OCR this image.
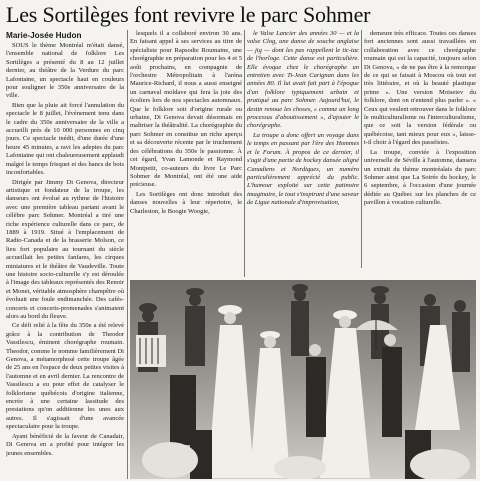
Les Sortilèges font revivre le parc Sohmer
Marie-Josée Hudon

SOUS le thème Montréal m'était dansé, l'ensemble national de folklore Les Sortilèges a présenté du 8 au 12 juillet dernier, au théâtre de la Verdure du parc Lafontaine, un spectacle haut en couleurs pour souligner le 350e anniversaire de la ville.

Bien que la pluie ait forcé l'annulation du spectacle le 8 juillet, l'événement tenu dans le cadre du 350e anniversaire de la ville a accueilli près de 10 000 personnes en cinq jours. Ce spectacle inédit, d'une durée d'une heure 45 minutes, a ravi les adeptes du parc Lafontaine qui ont chaleureusement applaudi malgré le temps frisquet et des bancs de bois inconfortables.

Dirigée par Jimmy Di Genova, directeur artistique et fondateur de la troupe, les danseurs ont évolué au rythme de l'histoire avec une première tableau partant avant le célèbre parc Sohmer. Montréal a tiré une riche expérience culturelle dans ce parc, de 1889 à 1919. Situé à l'emplacement de Radio-Canada et de la brasserie Molson, ce lieu fort populaire au tournant du siècle accueillait les petites fanfares, les cirques miniatures et le théâtre de Vaudeville. Toute une histoire socio-culturelle s'y est déroulée à l'image des tableaux représentés des Renoir et Monet, véritable atmosphère champêtre où évoluait une foule endimanchée. Des cafés-concerts et concerts-promenades s'animaient alors au bord du fleuve.

Ce défi relié à la fête du 350e a été relevé grâce à la contribution de Theodor Vassilescu, éminent chorégraphe roumain. Theodor, comme le nomme familièrement Di Genova, a métamorphosé cette troupe âgée de 25 ans en l'espace de deux petites visites à l'automne et en avril dernier. La rencontre de Vassilescu a eu pour effet de catalyser le folklorisme québécois d'origine italienne, encrée à une certaine lassitude des prestations qu'on additionne les unes aux autres. Il s'agissait d'une avancée spectaculaire pour la troupe.

Ayant bénéficié de la faveur de Canadair, Di Genova en a profité pour intégrer les jeunes ensembles.

lesquels il a collaboré environ 30 ans. En faisant appel à ses services au titre de spécialiste pour Rapsodie Roumaine, une chorégraphie en préparation pour les 4 et 5 août prochains, en compagnie de l'orchestre Métropolitain à l'aréna Maurice-Richard, il nous a aussi enseigné un carnaval moldave qui fera la joie des écoliers lors de nos spectacles automnaux. Que le folklore soit d'origine rurale ou urbaine, Di Genova devait désormais en maîtriser la théâtralité. La chorégraphie du parc Sohmer en constitue un riche aperçu et sa découverte récente par le truchement des célébrations du 350e le passionne. À cet égard, Yvan Lamonde et Raymond Montpetit, co-auteurs du livre Le Parc Sohmer de Montréal, ont été une aide précieuse.

Les Sortilèges ont donc introduit des danses nouvelles à leur répertoire, le Charleston, le Boogie Woogie,

le Valse Lancier des années 30 — et la valse Clog, une danse de souche anglaise — jig — dont les pas rappellent le tic-tac de l'horloge. Cette danse est particulière. Elle évoque chez le chorégraphe un entretien avec Ti-Jean Carignan dans les années 80. Il lui avait fait part à l'époque d'un folklore typiquement urbain et pratiqué au parc Sohmer. Aujourd'hui, le destin renoue les choses, « comme un long processus d'aboutissement », d'ajouter le chorégraphe.

La troupe a donc offert un voyage dans le temps en passant par l'ère des Hommes et le Forum. À propos de ce dernier, il s'agit d'une partie de hockey dansée aligné Canadiens et Nordiques, un numéro particulièrement apprécié du public. L'humour exploité sur cette patinoire imaginaire, le tout s'inspirant d'une saveur de Ligue nationale d'improvisation,

demeure très efficace. Toutes ces danses fort anciennes sont aussi travaillées en collaboration avec ce chorégraphe roumain qui est la capacité, toujours selon Di Genova, « de ne pas être à la remorque de ce qui se faisait à Moscou où tout est très littéraire, et où la beauté plastique prime ». Une version Moiseiev du folklore, dont on n'entend plus parler ». « Ceux qui veulent retrouver dans le folklore le multiculturalisme ou l'interculturalisme, que ce soit la version fédérale ou québécoise, tant mieux pour eux », laisse-t-il choir à l'égard des passéistes.

La troupe, conviée à l'exposition universelle de Séville à l'automne, dansera un extrait du thème montréalais du parc Sohmer ainsi que La Soirée du hockey, le 6 septembre, à l'occasion d'une journée dédiée au Québec sur les planches de ce pavillon à vocation culturelle.
